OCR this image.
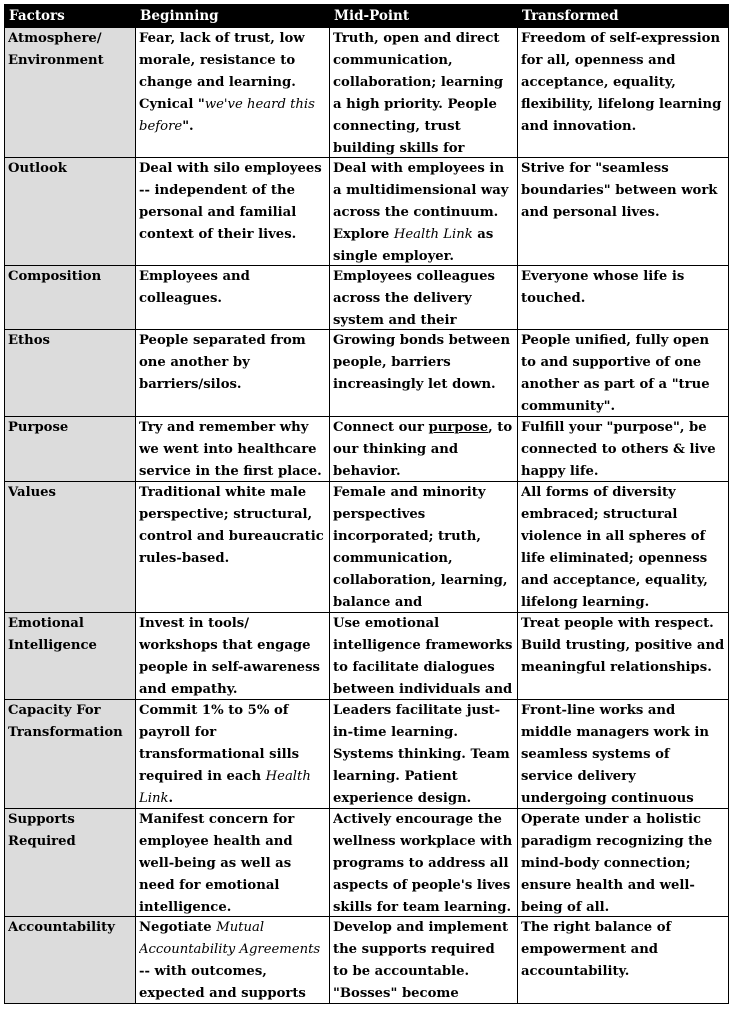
Factors	Beginning	Mid-Point	Transformed

Atmosphere/
Environment	Fear, lack of trust, low morale, resistance to change and learning. Cynical "we've heard this before".	Truth, open and direct communication, collaboration; learning a high priority. People connecting, trust building skills for	Freedom of self-expression for all, openness and acceptance, equality, flexibility, lifelong learning and innovation.

Outlook	Deal with silo employees -- independent of the personal and familial context of their lives.	Deal with employees in a multidimensional way across the continuum. Explore Health Link as single employer.	Strive for "seamless boundaries" between work and personal lives.

Composition	Employees and colleagues.	Employees colleagues across the delivery system and their	Everyone whose life is touched.

Ethos	People separated from one another by barriers/silos.	Growing bonds between people, barriers increasingly let down.	People unified, fully open to and supportive of one another as part of a "true community".

Purpose	Try and remember why we went into healthcare service in the first place.	Connect our purpose, to our thinking and behavior.	Fulfill your "purpose", be connected to others & live happy life.

Values	Traditional white male perspective; structural, control and bureaucratic rules-based.	Female and minority perspectives incorporated; truth, communication, collaboration, learning, balance and	All forms of diversity embraced; structural violence in all spheres of life eliminated; openness and acceptance, equality, lifelong learning.

Emotional
Intelligence	Invest in tools/ workshops that engage people in self-awareness and empathy.	Use emotional intelligence frameworks to facilitate dialogues between individuals and	Treat people with respect. Build trusting, positive and meaningful relationships.

Capacity For
Transformation	Commit 1% to 5% of payroll for transformational sills required in each Health Link.	Leaders facilitate just-in-time learning. Systems thinking. Team learning. Patient experience design.	Front-line works and middle managers work in seamless systems of service delivery undergoing continuous

Supports
Required	Manifest concern for employee health and well-being as well as need for emotional intelligence.	Actively encourage the wellness workplace with programs to address all aspects of people's lives skills for team learning.	Operate under a holistic paradigm recognizing the mind-body connection; ensure health and well-being of all.

Accountability	Negotiate Mutual Accountability Agreements -- with outcomes, expected and supports	Develop and implement the supports required to be accountable. "Bosses" become	The right balance of empowerment and accountability.
